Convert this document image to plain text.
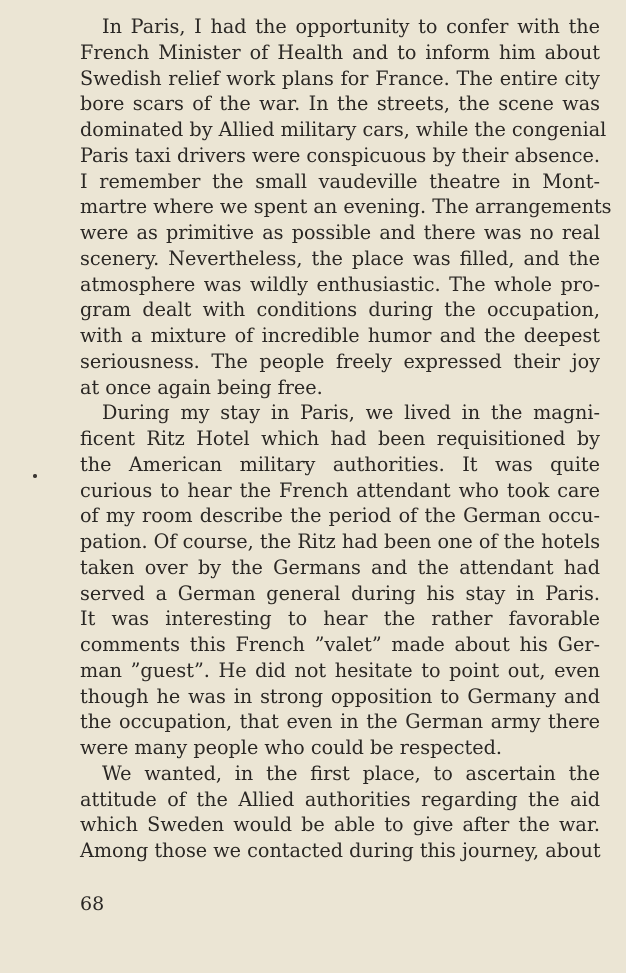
In Paris, I had the opportunity to confer with the
French Minister of Health and to inform him about
Swedish relief work plans for France. The entire city
bore scars of the war. In the streets, the scene was
dominated by Allied military cars, while the congenial
Paris taxi drivers were conspicuous by their absence.
I remember the small vaudeville theatre in Mont-
martre where we spent an evening. The arrangements
were as primitive as possible and there was no real
scenery. Nevertheless, the place was filled, and the
atmosphere was wildly enthusiastic. The whole pro-
gram dealt with conditions during the occupation,
with a mixture of incredible humor and the deepest
seriousness. The people freely expressed their joy
at once again being free.
During my stay in Paris, we lived in the magni-
ficent Ritz Hotel which had been requisitioned by
the American military authorities. It was quite
curious to hear the French attendant who took care
of my room describe the period of the German occu-
pation. Of course, the Ritz had been one of the hotels
taken over by the Germans and the attendant had
served a German general during his stay in Paris.
It was interesting to hear the rather favorable
comments this French ”valet” made about his Ger-
man ”guest”. He did not hesitate to point out, even
though he was in strong opposition to Germany and
the occupation, that even in the German army there
were many people who could be respected.
We wanted, in the first place, to ascertain the
attitude of the Allied authorities regarding the aid
which Sweden would be able to give after the war.
Among those we contacted during this journey, about
68
